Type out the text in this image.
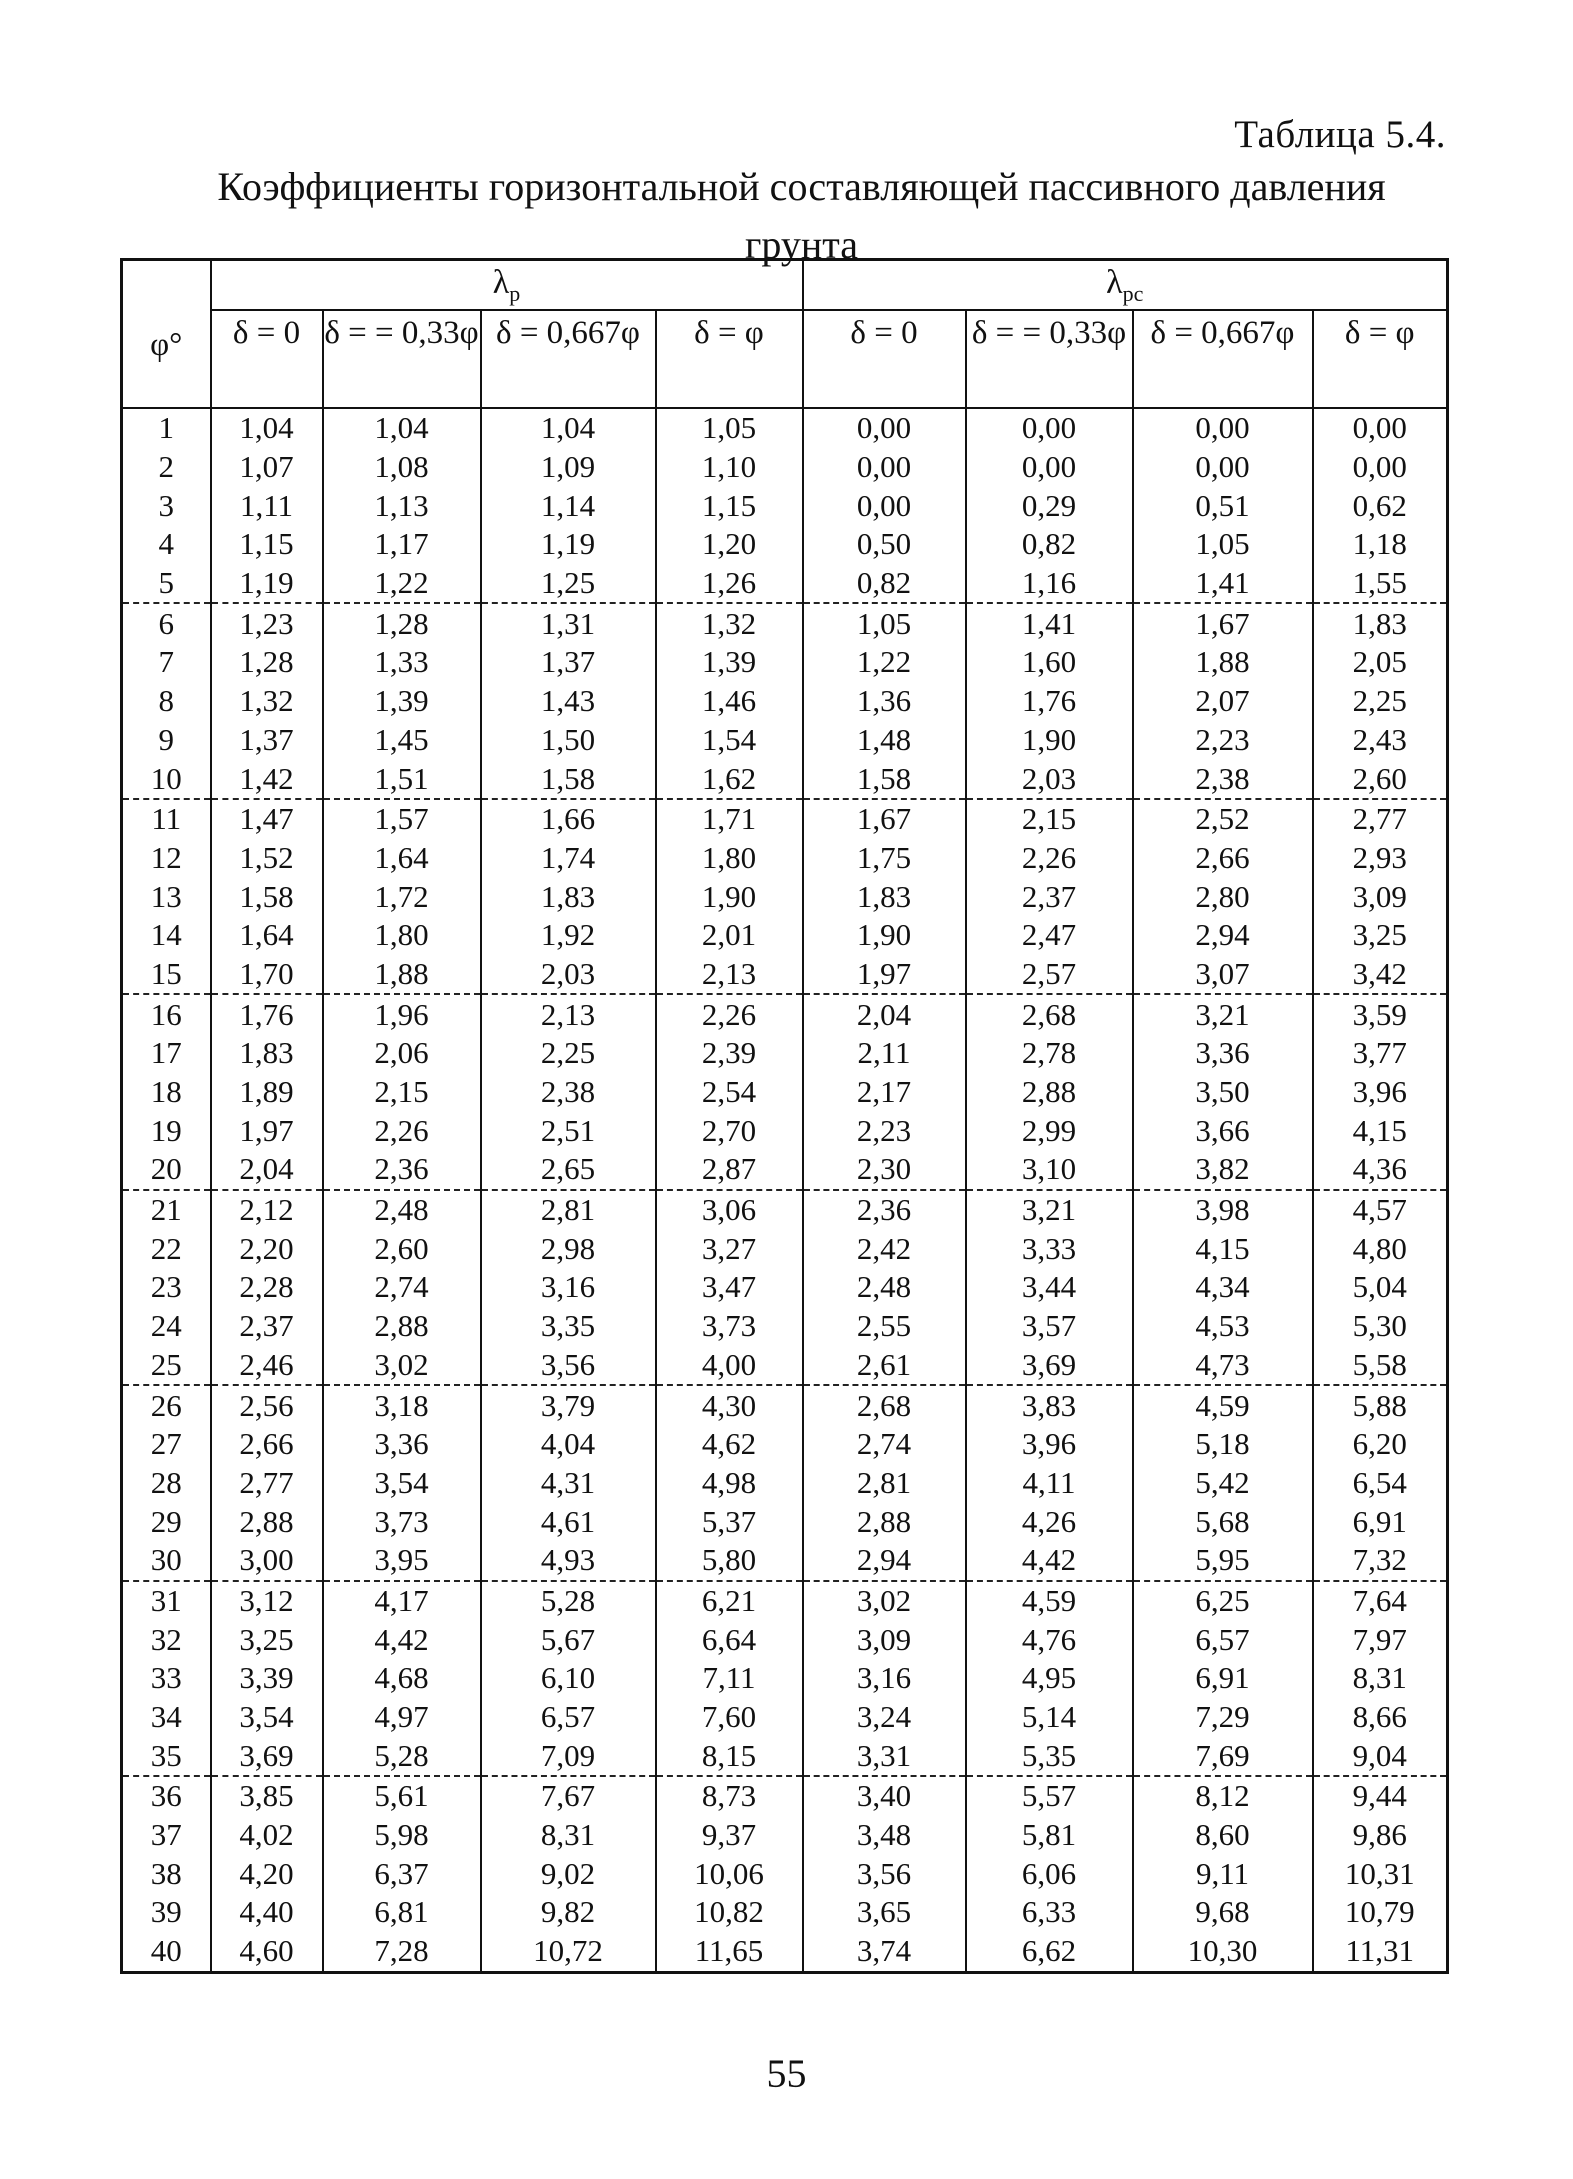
Таблица 5.4.
Коэффициенты горизонтальной составляющей пассивного давления
грунта
φ°	$\lambda_p$				$\lambda_{pc}$
	δ = 0	δ = = 0,33φ	δ = 0,667φ	δ = φ	δ = 0	δ = = 0,33φ	δ = 0,667φ	δ = φ
1	1,04	1,04	1,04	1,05	0,00	0,00	0,00	0,00
2	1,07	1,08	1,09	1,10	0,00	0,00	0,00	0,00
3	1,11	1,13	1,14	1,15	0,00	0,29	0,51	0,62
4	1,15	1,17	1,19	1,20	0,50	0,82	1,05	1,18
5	1,19	1,22	1,25	1,26	0,82	1,16	1,41	1,55
6	1,23	1,28	1,31	1,32	1,05	1,41	1,67	1,83
7	1,28	1,33	1,37	1,39	1,22	1,60	1,88	2,05
8	1,32	1,39	1,43	1,46	1,36	1,76	2,07	2,25
9	1,37	1,45	1,50	1,54	1,48	1,90	2,23	2,43
10	1,42	1,51	1,58	1,62	1,58	2,03	2,38	2,60
11	1,47	1,57	1,66	1,71	1,67	2,15	2,52	2,77
12	1,52	1,64	1,74	1,80	1,75	2,26	2,66	2,93
13	1,58	1,72	1,83	1,90	1,83	2,37	2,80	3,09
14	1,64	1,80	1,92	2,01	1,90	2,47	2,94	3,25
15	1,70	1,88	2,03	2,13	1,97	2,57	3,07	3,42
16	1,76	1,96	2,13	2,26	2,04	2,68	3,21	3,59
17	1,83	2,06	2,25	2,39	2,11	2,78	3,36	3,77
18	1,89	2,15	2,38	2,54	2,17	2,88	3,50	3,96
19	1,97	2,26	2,51	2,70	2,23	2,99	3,66	4,15
20	2,04	2,36	2,65	2,87	2,30	3,10	3,82	4,36
21	2,12	2,48	2,81	3,06	2,36	3,21	3,98	4,57
22	2,20	2,60	2,98	3,27	2,42	3,33	4,15	4,80
23	2,28	2,74	3,16	3,47	2,48	3,44	4,34	5,04
24	2,37	2,88	3,35	3,73	2,55	3,57	4,53	5,30
25	2,46	3,02	3,56	4,00	2,61	3,69	4,73	5,58
26	2,56	3,18	3,79	4,30	2,68	3,83	4,59	5,88
27	2,66	3,36	4,04	4,62	2,74	3,96	5,18	6,20
28	2,77	3,54	4,31	4,98	2,81	4,11	5,42	6,54
29	2,88	3,73	4,61	5,37	2,88	4,26	5,68	6,91
30	3,00	3,95	4,93	5,80	2,94	4,42	5,95	7,32
31	3,12	4,17	5,28	6,21	3,02	4,59	6,25	7,64
32	3,25	4,42	5,67	6,64	3,09	4,76	6,57	7,97
33	3,39	4,68	6,10	7,11	3,16	4,95	6,91	8,31
34	3,54	4,97	6,57	7,60	3,24	5,14	7,29	8,66
35	3,69	5,28	7,09	8,15	3,31	5,35	7,69	9,04
36	3,85	5,61	7,67	8,73	3,40	5,57	8,12	9,44
37	4,02	5,98	8,31	9,37	3,48	5,81	8,60	9,86
38	4,20	6,37	9,02	10,06	3,56	6,06	9,11	10,31
39	4,40	6,81	9,82	10,82	3,65	6,33	9,68	10,79
40	4,60	7,28	10,72	11,65	3,74	6,62	10,30	11,31
55
